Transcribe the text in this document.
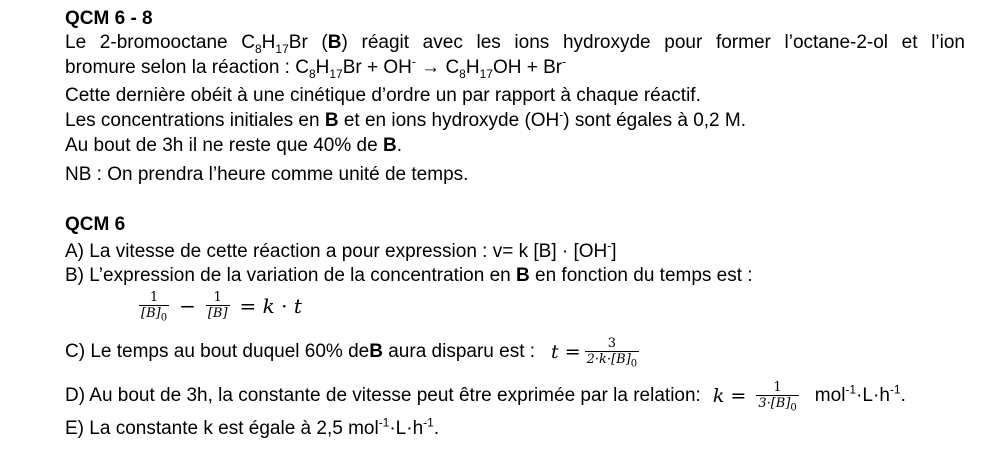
QCM 6 - 8
Le 2-bromooctane $C_8H_{17}Br$ (B) réagit avec les ions hydroxyde pour former l’octane-2-ol et l’ion
bromure selon la réaction : $C_8H_{17}Br + OH^- \to C_8H_{17}OH + Br^-$
Cette dernière obéit à une cinétique d’ordre un par rapport à chaque réactif.
Les concentrations initiales en B et en ions hydroxyde (OH-) sont égales à 0,2 M.
Au bout de 3h il ne reste que 40% de B.
NB : On prendra l’heure comme unité de temps.
QCM 6
A) La vitesse de cette réaction a pour expression : v= k [B] · [OH-]
B) L’expression de la variation de la concentration en B en fonction du temps est :
$\frac{1}{[B]_0} - \frac{1}{[B]} = k \cdot t$
C) Le temps au bout duquel 60% de B aura disparu est : $t = \frac{3}{2\cdot k\cdot[B]_0}$
D) Au bout de 3h, la constante de vitesse peut être exprimée par la relation: $k = \frac{1}{3\cdot[B]_0} mol^{-1}\cdot L\cdot h^{-1}$.
E) La constante k est égale à 2,5 $mol^{-1}\cdot L\cdot h^{-1}$.
